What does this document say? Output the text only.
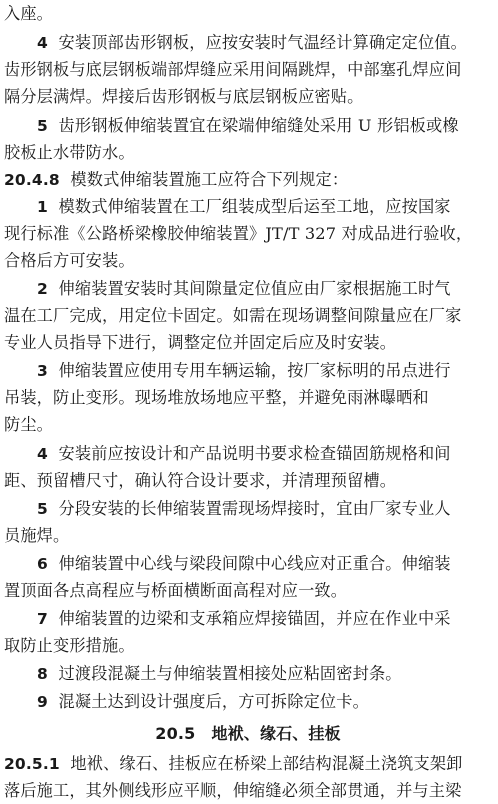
入座。
4 安装顶部齿形钢板，应按安装时气温经计算确定定位值。
齿形钢板与底层钢板端部焊缝应采用间隔跳焊，中部塞孔焊应间
隔分层满焊。焊接后齿形钢板与底层钢板应密贴。
5 齿形钢板伸缩装置宜在梁端伸缩缝处采用 U 形铝板或橡
胶板止水带防水。
20.4.8 模数式伸缩装置施工应符合下列规定：
1 模数式伸缩装置在工厂组装成型后运至工地，应按国家
现行标准《公路桥梁橡胶伸缩装置》JT/T 327 对成品进行验收，
合格后方可安装。
2 伸缩装置安装时其间隙量定位值应由厂家根据施工时气
温在工厂完成，用定位卡固定。如需在现场调整间隙量应在厂家
专业人员指导下进行，调整定位并固定后应及时安装。
3 伸缩装置应使用专用车辆运输，按厂家标明的吊点进行
吊装，防止变形。现场堆放场地应平整，并避免雨淋曝晒和
防尘。
4 安装前应按设计和产品说明书要求检查锚固筋规格和间
距、预留槽尺寸，确认符合设计要求，并清理预留槽。
5 分段安装的长伸缩装置需现场焊接时，宜由厂家专业人
员施焊。
6 伸缩装置中心线与梁段间隙中心线应对正重合。伸缩装
置顶面各点高程应与桥面横断面高程对应一致。
7 伸缩装置的边梁和支承箱应焊接锚固，并应在作业中采
取防止变形措施。
8 过渡段混凝土与伸缩装置相接处应粘固密封条。
9 混凝土达到设计强度后，方可拆除定位卡。
20.5　地袱、缘石、挂板
20.5.1 地袱、缘石、挂板应在桥梁上部结构混凝土浇筑支架卸
落后施工，其外侧线形应平顺，伸缩缝必须全部贯通，并与主梁
